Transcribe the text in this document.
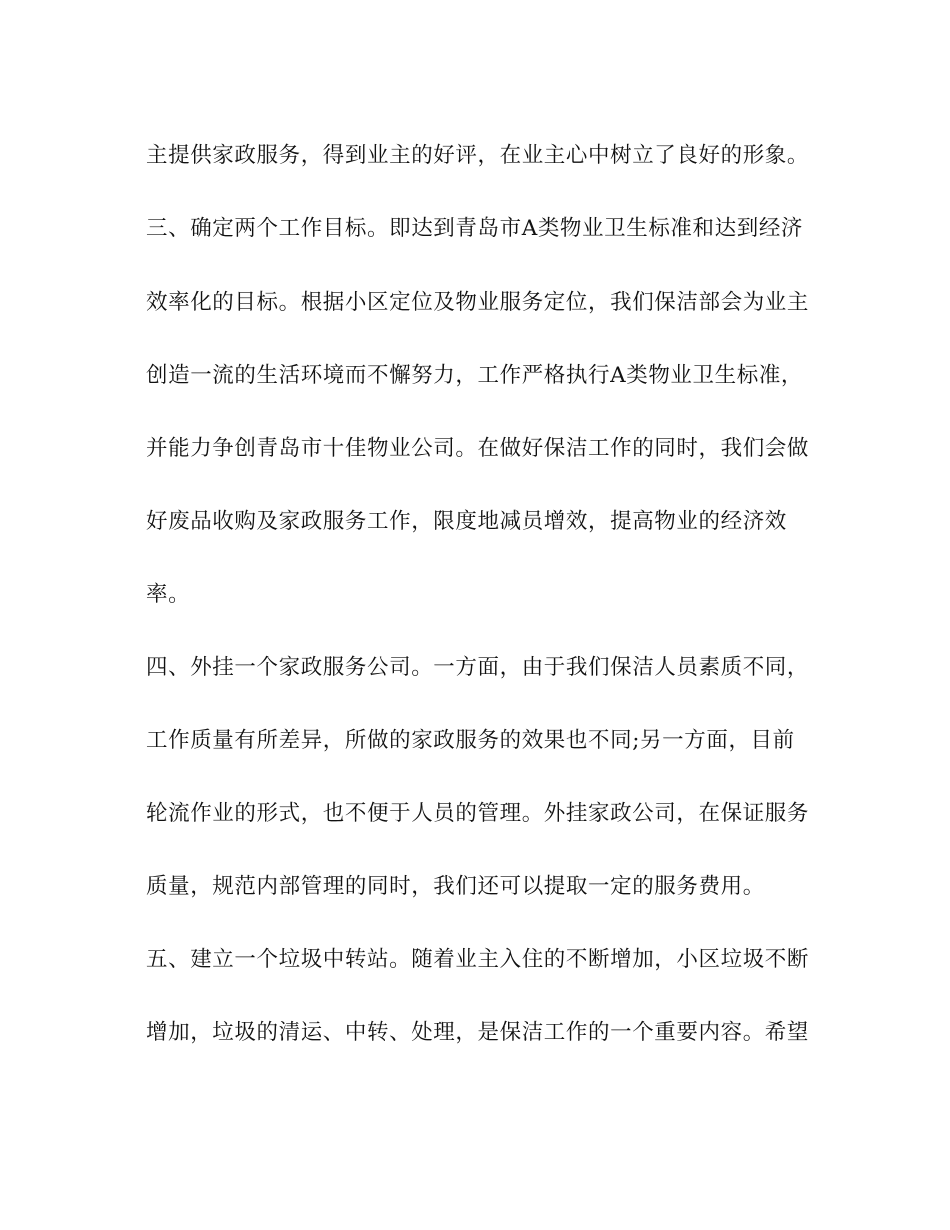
主提供家政服务，得到业主的好评，在业主心中树立了良好的形象。
三、确定两个工作目标。即达到青岛市A类物业卫生标准和达到经济
效率化的目标。根据小区定位及物业服务定位，我们保洁部会为业主
创造一流的生活环境而不懈努力，工作严格执行A类物业卫生标准，
并能力争创青岛市十佳物业公司。在做好保洁工作的同时，我们会做
好废品收购及家政服务工作，限度地减员增效，提高物业的经济效
率。
四、外挂一个家政服务公司。一方面，由于我们保洁人员素质不同，
工作质量有所差异，所做的家政服务的效果也不同;另一方面，目前
轮流作业的形式，也不便于人员的管理。外挂家政公司，在保证服务
质量，规范内部管理的同时，我们还可以提取一定的服务费用。
五、建立一个垃圾中转站。随着业主入住的不断增加，小区垃圾不断
增加，垃圾的清运、中转、处理，是保洁工作的一个重要内容。希望
